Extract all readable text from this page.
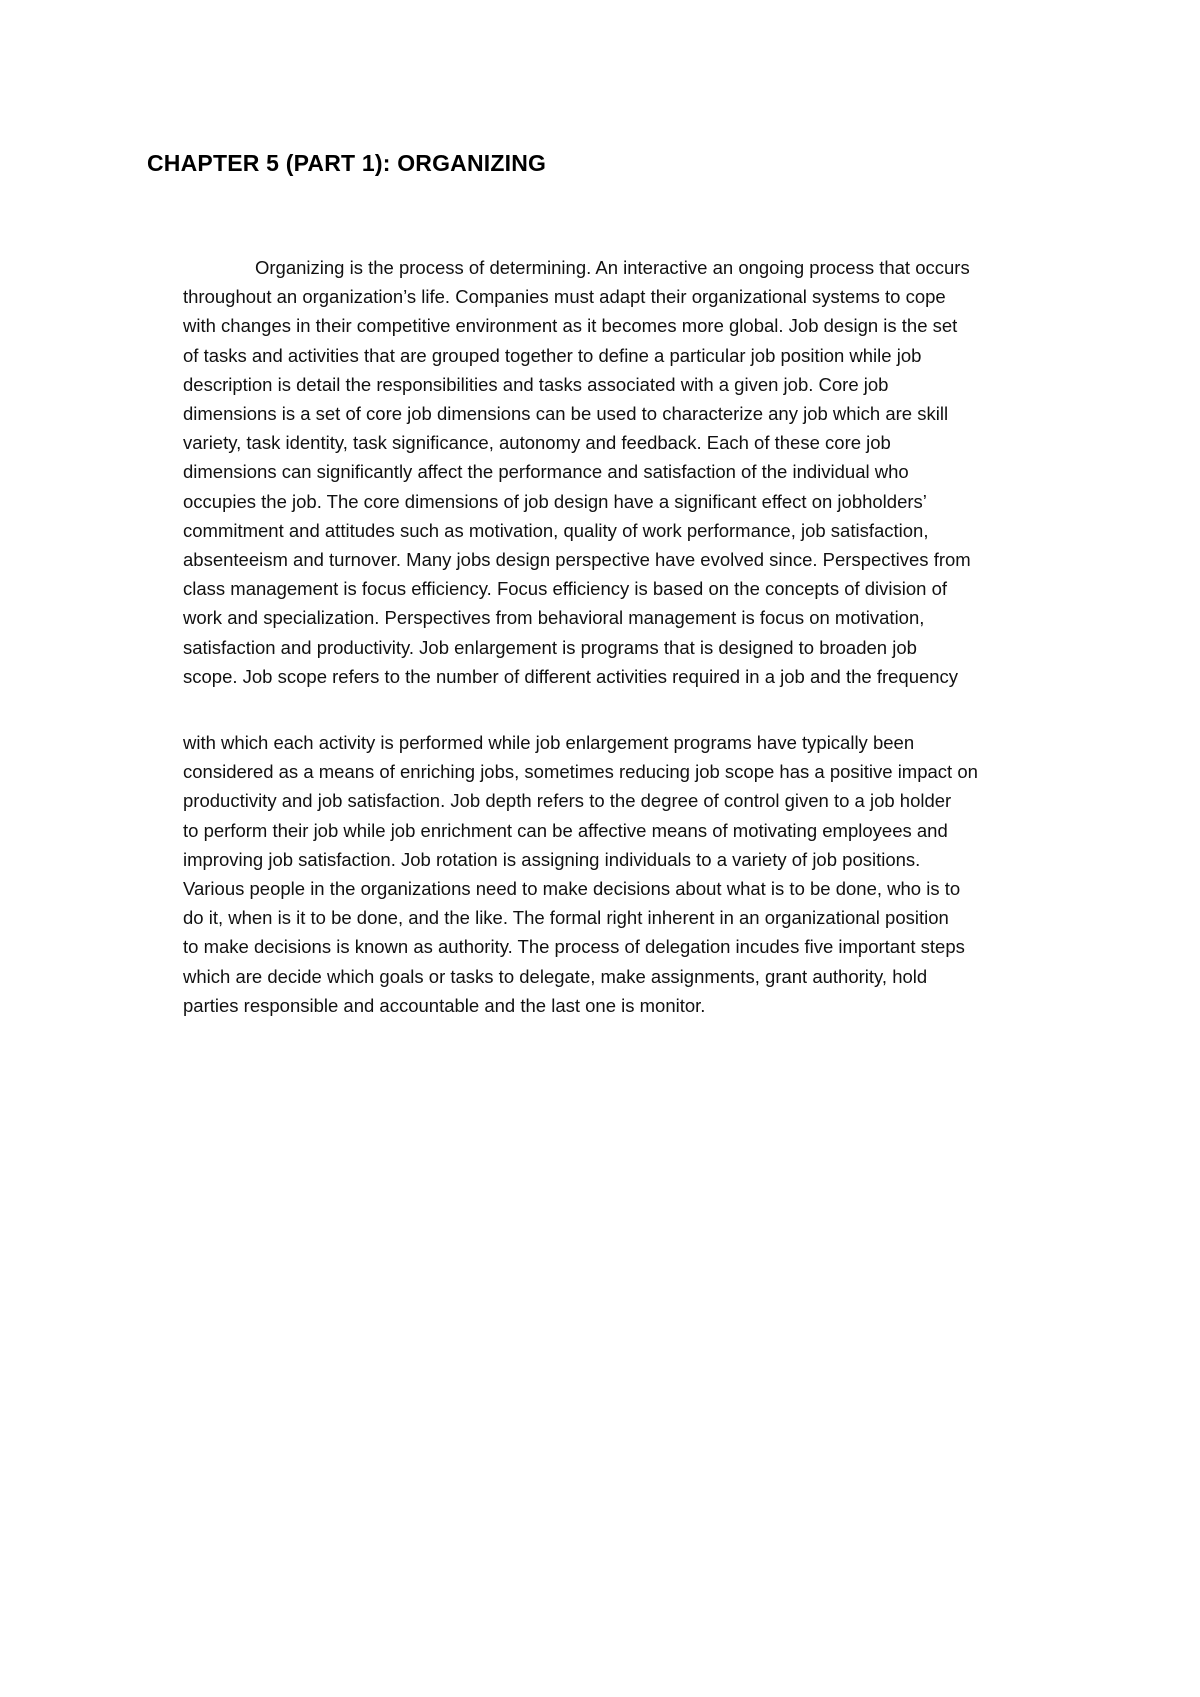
CHAPTER 5 (PART 1): ORGANIZING
Organizing is the process of determining. An interactive an ongoing process that occurs
throughout an organization’s life. Companies must adapt their organizational systems to cope
with changes in their competitive environment as it becomes more global. Job design is the set
of tasks and activities that are grouped together to define a particular job position while job
description is detail the responsibilities and tasks associated with a given job. Core job
dimensions is a set of core job dimensions can be used to characterize any job which are skill
variety, task identity, task significance, autonomy and feedback. Each of these core job
dimensions can significantly affect the performance and satisfaction of the individual who
occupies the job. The core dimensions of job design have a significant effect on jobholders’
commitment and attitudes such as motivation, quality of work performance, job satisfaction,
absenteeism and turnover. Many jobs design perspective have evolved since. Perspectives from
class management is focus efficiency. Focus efficiency is based on the concepts of division of
work and specialization. Perspectives from behavioral management is focus on motivation,
satisfaction and productivity. Job enlargement is programs that is designed to broaden job
scope. Job scope refers to the number of different activities required in a job and the frequency
with which each activity is performed while job enlargement programs have typically been
considered as a means of enriching jobs, sometimes reducing job scope has a positive impact on
productivity and job satisfaction. Job depth refers to the degree of control given to a job holder
to perform their job while job enrichment can be affective means of motivating employees and
improving job satisfaction. Job rotation is assigning individuals to a variety of job positions.
Various people in the organizations need to make decisions about what is to be done, who is to
do it, when is it to be done, and the like. The formal right inherent in an organizational position
to make decisions is known as authority. The process of delegation incudes five important steps
which are decide which goals or tasks to delegate, make assignments, grant authority, hold
parties responsible and accountable and the last one is monitor.
